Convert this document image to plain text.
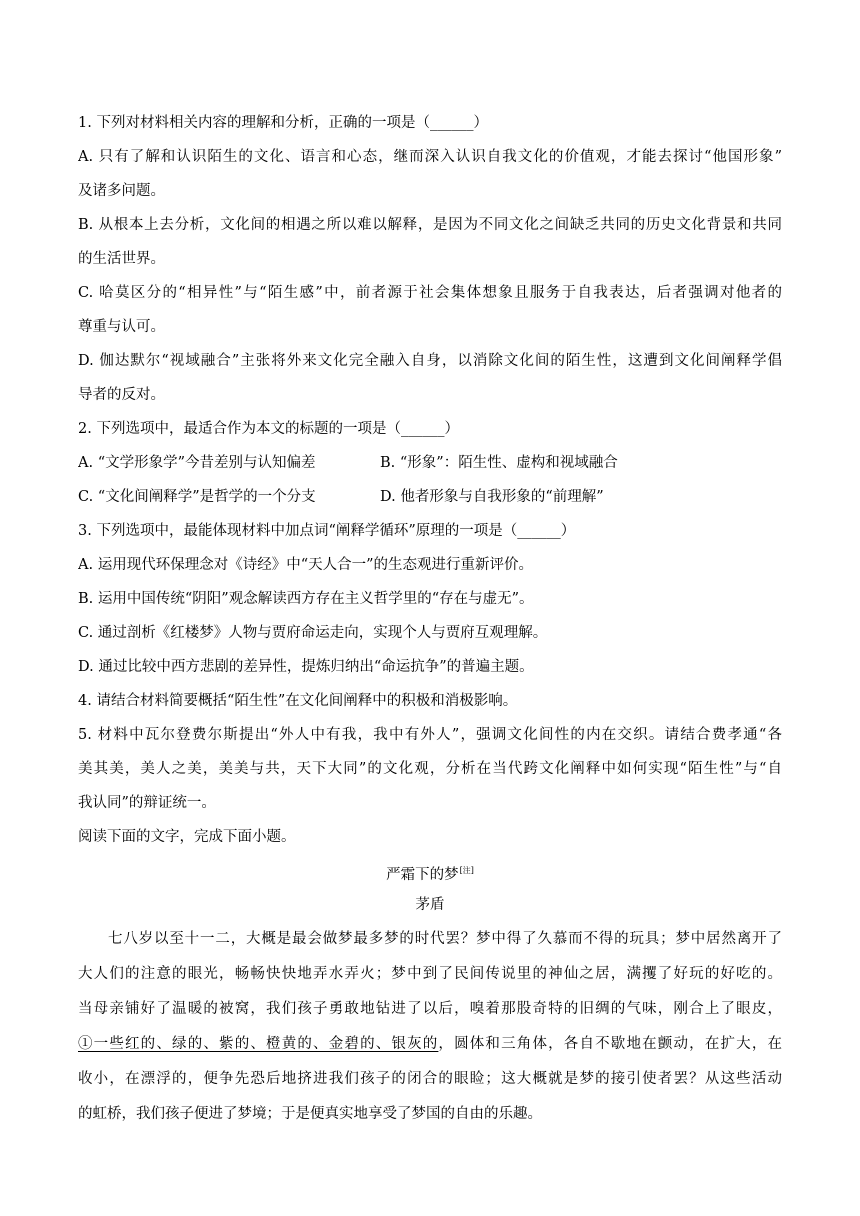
1. 下列对材料相关内容的理解和分析，正确的一项是（______）
A. 只有了解和认识陌生的文化、语言和心态，继而深入认识自我文化的价值观，才能去探讨“他国形象”
及诸多问题。
B. 从根本上去分析，文化间的相遇之所以难以解释，是因为不同文化之间缺乏共同的历史文化背景和共同
的生活世界。
C. 哈莫区分的“相异性”与“陌生感”中，前者源于社会集体想象且服务于自我表达，后者强调对他者的
尊重与认可。
D. 伽达默尔“视域融合”主张将外来文化完全融入自身，以消除文化间的陌生性，这遭到文化间阐释学倡
导者的反对。
2. 下列选项中，最适合作为本文的标题的一项是（______）
A. “文学形象学”今昔差别与认知偏差	B. “形象”：陌生性、虚构和视域融合
C. “文化间阐释学”是哲学的一个分支	D. 他者形象与自我形象的“前理解”
3. 下列选项中，最能体现材料中加点词“阐释学循环”原理的一项是（______）
A. 运用现代环保理念对《诗经》中“天人合一”的生态观进行重新评价。
B. 运用中国传统“阴阳”观念解读西方存在主义哲学里的“存在与虚无”。
C. 通过剖析《红楼梦》人物与贾府命运走向，实现个人与贾府互观理解。
D. 通过比较中西方悲剧的差异性，提炼归纳出“命运抗争”的普遍主题。
4. 请结合材料简要概括“陌生性”在文化间阐释中的积极和消极影响。
5. 材料中瓦尔登费尔斯提出“外人中有我，我中有外人”，强调文化间性的内在交织。请结合费孝通“各
美其美，美人之美，美美与共，天下大同”的文化观，分析在当代跨文化阐释中如何实现“陌生性”与“自
我认同”的辩证统一。
阅读下面的文字，完成下面小题。
严霜下的梦[注]
茅盾
七八岁以至十一二，大概是最会做梦最多梦的时代罢？梦中得了久慕而不得的玩具；梦中居然离开了
大人们的注意的眼光，畅畅快快地弄水弄火；梦中到了民间传说里的神仙之居，满攫了好玩的好吃的。
当母亲铺好了温暖的被窝，我们孩子勇敢地钻进了以后，嗅着那股奇特的旧绸的气味，刚合上了眼皮，
①一些红的、绿的、紫的、橙黄的、金碧的、银灰的，圆体和三角体，各自不歇地在颤动，在扩大，在
收小，在漂浮的，便争先恐后地挤进我们孩子的闭合的眼睑；这大概就是梦的接引使者罢？从这些活动
的虹桥，我们孩子便进了梦境；于是便真实地享受了梦国的自由的乐趣。
